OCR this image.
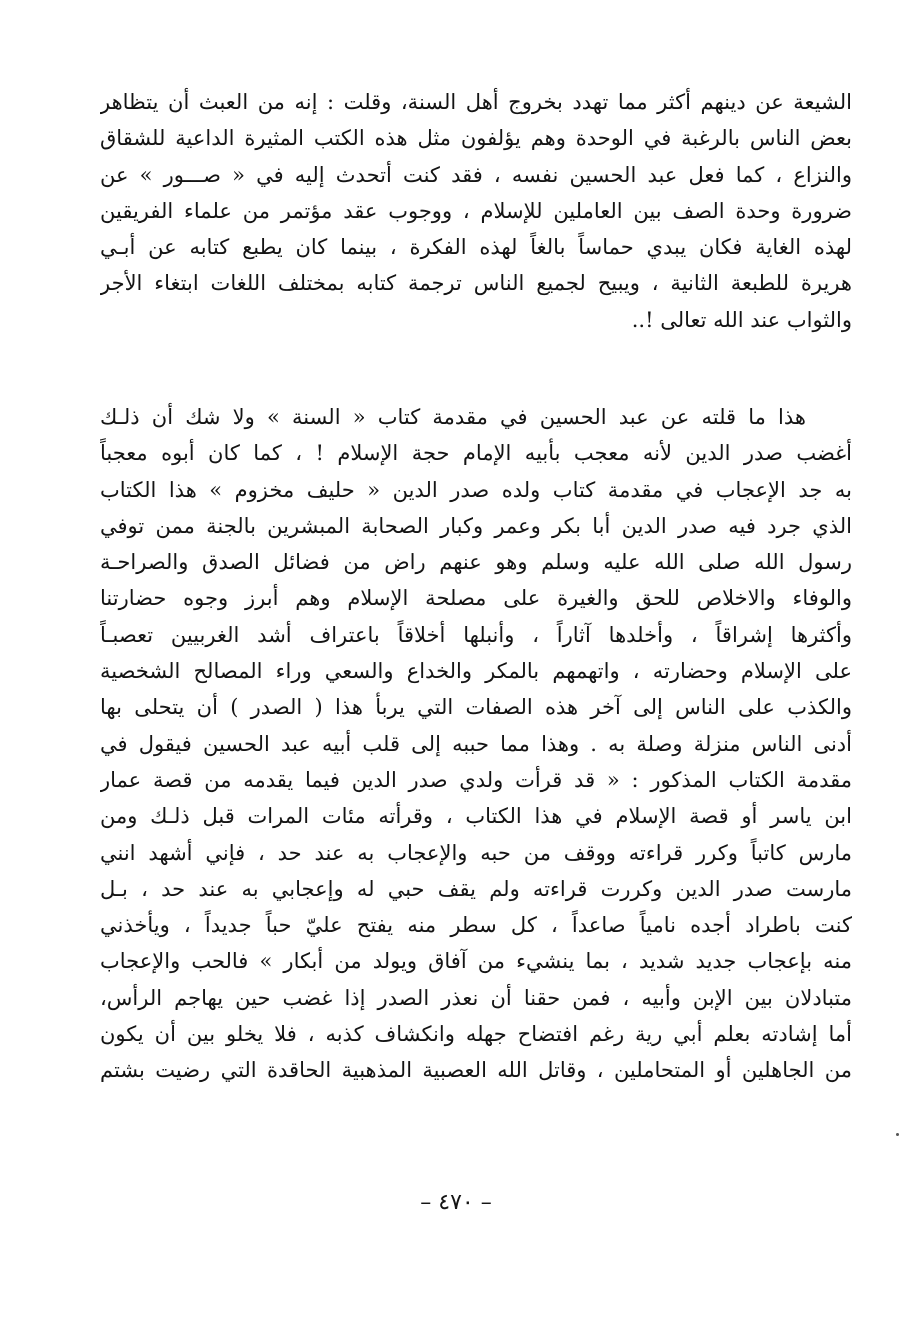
الشيعة عن دينهم أكثر مما تهدد بخروج أهل السنة، وقلت : إنه من العبث أن يتظاهر
بعض الناس بالرغبة في الوحدة وهم يؤلفون مثل هذه الكتب المثيرة الداعية للشقاق
والنزاع ، كما فعل عبد الحسين نفسه ، فقد كنت أتحدث إليه في « صـــور » عن
ضرورة وحدة الصف بين العاملين للإسلام ، ووجوب عقد مؤتمر من علماء الفريقين
لهذه الغاية فكان يبدي حماساً بالغاً لهذه الفكرة ، بينما كان يطبع كتابه عن أبـي
هريرة للطبعة الثانية ، ويبيح لجميع الناس ترجمة كتابه بمختلف اللغات ابتغاء الأجر
والثواب عند الله تعالى !..
هذا ما قلته عن عبد الحسين في مقدمة كتاب « السنة » ولا شك أن ذلـك
أغضب صدر الدين لأنه معجب بأبيه الإمام حجة الإسلام ! ، كما كان أبوه معجباً
به جد الإعجاب في مقدمة كتاب ولده صدر الدين « حليف مخزوم » هذا الكتاب
الذي جرد فيه صدر الدين أبا بكر وعمر وكبار الصحابة المبشرين بالجنة ممن توفي
رسول الله صلى الله عليه وسلم وهو عنهم راض من فضائل الصدق والصراحـة
والوفاء والاخلاص للحق والغيرة على مصلحة الإسلام وهم أبرز وجوه حضارتنا
وأكثرها إشراقاً ، وأخلدها آثاراً ، وأنبلها أخلاقاً باعتراف أشد الغربيين تعصبـاً
على الإسلام وحضارته ، واتهمهم بالمكر والخداع والسعي وراء المصالح الشخصية
والكذب على الناس إلى آخر هذه الصفات التي يربأ هذا ( الصدر ) أن يتحلى بها
أدنى الناس منزلة وصلة به . وهذا مما حببه إلى قلب أبيه عبد الحسين فيقول في
مقدمة الكتاب المذكور : « قد قرأت ولدي صدر الدين فيما يقدمه من قصة عمار
ابن ياسر أو قصة الإسلام في هذا الكتاب ، وقرأته مئات المرات قبل ذلـك ومن
مارس كاتباً وكرر قراءته ووقف من حبه والإعجاب به عند حد ، فإني أشهد انني
مارست صدر الدين وكررت قراءته ولم يقف حبي له وإعجابي به عند حد ، بـل
كنت باطراد أجده نامياً صاعداً ، كل سطر منه يفتح عليّ حباً جديداً ، ويأخذني
منه بإعجاب جديد شديد ، بما ينشيء من آفاق ويولد من أبكار » فالحب والإعجاب
متبادلان بين الإبن وأبيه ، فمن حقنا أن نعذر الصدر إذا غضب حين يهاجم الرأس،
أما إشادته بعلم أبي رية رغم افتضاح جهله وانكشاف كذبه ، فلا يخلو بين أن يكون
من الجاهلين أو المتحاملين ، وقاتل الله العصبية المذهبية الحاقدة التي رضيت بشتم
– ٤٧٠ –
